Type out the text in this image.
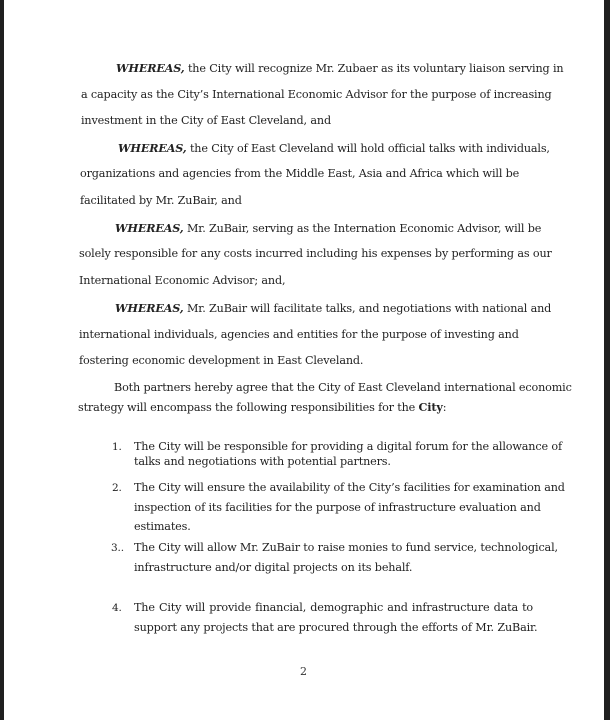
WHEREAS, the City will recognize Mr. Zubaer as its voluntary liaison serving in
a capacity as the City’s International Economic Advisor for the purpose of increasing
investment in the City of East Cleveland, and
WHEREAS, the City of East Cleveland will hold official talks with individuals,
organizations and agencies from the Middle East, Asia and Africa which will be
facilitated by Mr. ZuBair, and
WHEREAS, Mr. ZuBair, serving as the Internation Economic Advisor, will be
solely responsible for any costs incurred including his expenses by performing as our
International Economic Advisor; and,
WHEREAS, Mr. ZuBair will facilitate talks, and negotiations with national and
international individuals, agencies and entities for the purpose of investing and
fostering economic development in East Cleveland.
Both partners hereby agree that the City of East Cleveland international economic
strategy will encompass the following responsibilities for the City:
1. The City will be responsible for providing a digital forum for the allowance of
talks and negotiations with potential partners.
2. The City will ensure the availability of the City’s facilities for examination and
inspection of its facilities for the purpose of infrastructure evaluation and
estimates.
3.. The City will allow Mr. ZuBair to raise monies to fund service, technological,
infrastructure and/or digital projects on its behalf.
4. The City will provide financial, demographic and infrastructure data to
support any projects that are procured through the efforts of Mr. ZuBair.
2
